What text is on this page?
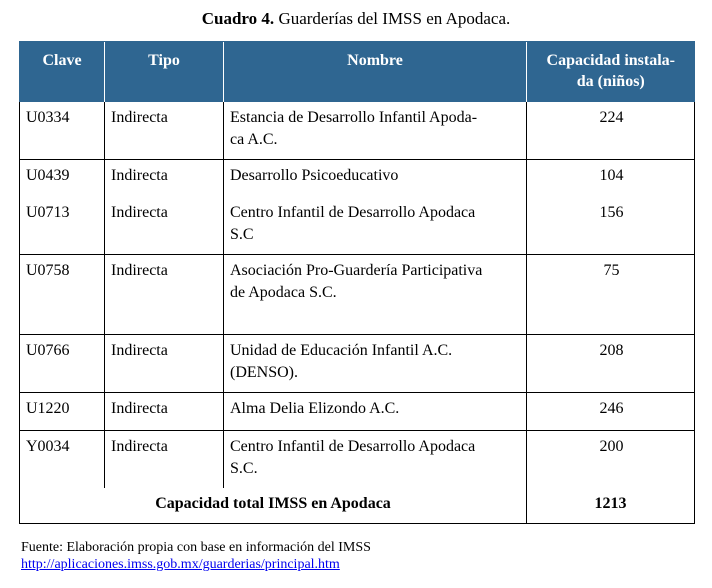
Cuadro 4. Guarderías del IMSS en Apodaca.
Clave	Tipo	Nombre	Capacidad instala-
da (niños)
U0334	Indirecta	Estancia de Desarrollo Infantil Apoda-
ca A.C.	224
U0439	Indirecta	Desarrollo Psicoeducativo	104
U0713	Indirecta	Centro Infantil de Desarrollo Apodaca
S.C	156
U0758	Indirecta	Asociación Pro-Guardería Participativa
de Apodaca S.C.	75
U0766	Indirecta	Unidad de Educación Infantil A.C.
(DENSO).	208
U1220	Indirecta	Alma Delia Elizondo A.C.	246
Y0034	Indirecta	Centro Infantil de Desarrollo Apodaca
S.C.	200
Capacidad total IMSS en Apodaca			1213
Fuente: Elaboración propia con base en información del IMSS
http://aplicaciones.imss.gob.mx/guarderias/principal.htm
